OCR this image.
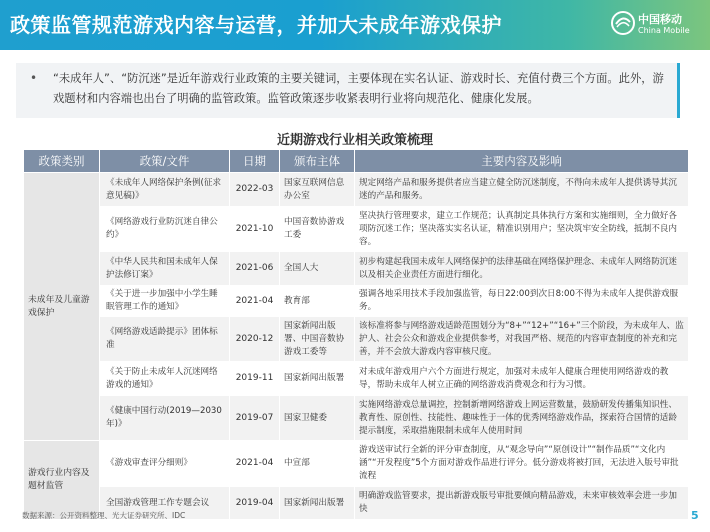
政策监管规范游戏内容与运营，并加大未成年游戏保护	中国移动
China Mobile
• “未成年人”、“防沉迷”是近年游戏行业政策的主要关键词，主要体现在实名认证、游戏时长、充值付费三个方面。此外，游戏题材和内容端也出台了明确的监管政策。监管政策逐步收紧表明行业将向规范化、健康化发展。
近期游戏行业相关政策梳理
政策类别	政策/文件	日期	颁布主体	主要内容及影响
未成年及儿童游戏保护	《未成年人网络保护条例(征求意见稿)》	2022-03	国家互联网信息办公室	规定网络产品和服务提供者应当建立健全防沉迷制度，不得向未成年人提供诱导其沉迷的产品和服务。
	《网络游戏行业防沉迷自律公约》	2021-10	中国音数协游戏工委	坚决执行管理要求，建立工作规范；认真制定具体执行方案和实施细则，全力做好各项防沉迷工作；坚决落实实名认证，精准识别用户；坚决筑牢安全防线，抵制不良内容。
	《中华人民共和国未成年人保护法修订案》	2021-06	全国人大	初步构建起我国未成年人网络保护的法律基础在网络保护理念、未成年人网络防沉迷以及相关企业责任方面进行细化。
	《关于进一步加强中小学生睡眠管理工作的通知》	2021-04	教育部	强调各地采用技术手段加强监管，每日22:00到次日8:00不得为未成年人提供游戏服务。
	《网络游戏适龄提示》团体标准	2020-12	国家新闻出版署、中国音数协游戏工委等	该标准将参与网络游戏适龄范围划分为“8+”“12+”“16+”三个阶段，为未成年人、监护人、社会公众和游戏企业提供参考，对我国严格、规范的内容审查制度的补充和完善，并不会放大游戏内容审核尺度。
	《关于防止未成年人沉迷网络游戏的通知》	2019-11	国家新闻出版署	对未成年游戏用户六个方面进行规定，加强对未成年人健康合理使用网络游戏的教导，帮助未成年人树立正确的网络游戏消费观念和行为习惯。
	《健康中国行动(2019—2030年)》	2019-07	国家卫健委	实施网络游戏总量调控，控制新增网络游戏上网运营数量，鼓励研发传播集知识性、教育性、原创性、技能性、趣味性于一体的优秀网络游戏作品，探索符合国情的适龄提示制度，采取措施限制未成年人使用时间
游戏行业内容及题材监管	《游戏审查评分细则》	2021-04	中宣部	游戏送审试行全新的评分审查制度，从“观念导向”“原创设计”“制作品质”“文化内涵”“开发程度”5个方面对游戏作品进行评分。低分游戏将被打回，无法进入版号审批流程
	全国游戏管理工作专题会议	2019-04	国家新闻出版署	明确游戏监管要求，提出新游戏版号审批要倾向精品游戏，未来审核效率会进一步加快
数据来源：公开资料整理、光大证券研究所、IDC	5
